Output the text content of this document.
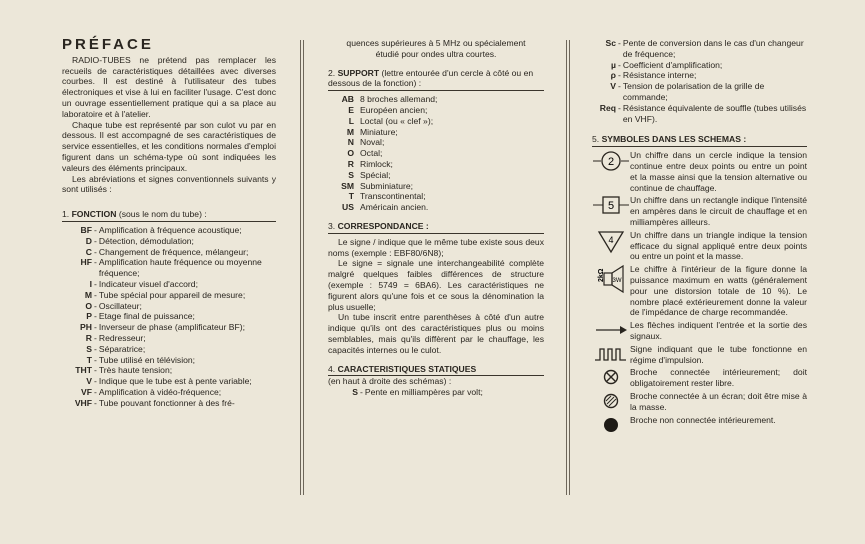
PRÉFACE

RADIO-TUBES ne prétend pas remplacer les recueils de caractéristiques détaillées avec diverses courbes. Il est destiné à l'utilisateur des tubes électroniques et vise à lui en faciliter l'usage. C'est donc un ouvrage essentiellement pratique qui a sa place au laboratoire et à l'atelier.

Chaque tube est représenté par son culot vu par en dessous. Il est accompagné de ses caractéristiques de service essentielles, et les conditions normales d'emploi figurent dans un schéma-type où sont indiquées les valeurs des éléments principaux.

Les abréviations et signes conventionnels suivants y sont utilisés :

1. FONCTION (sous le nom du tube) :
BF - Amplification à fréquence acoustique;
D - Détection, démodulation;
C - Changement de fréquence, mélangeur;
HF - Amplification haute fréquence ou moyenne fréquence;
I - Indicateur visuel d'accord;
M - Tube spécial pour appareil de mesure;
O - Oscillateur;
P - Etage final de puissance;
PH - Inverseur de phase (amplificateur BF);
R - Redresseur;
S - Séparatrice;
T - Tube utilisé en télévision;
THT - Très haute tension;
V - Indique que le tube est à pente variable;
VF - Amplification à vidéo-fréquence;
VHF - Tube pouvant fonctionner à des fré-

quences supérieures à 5 MHz ou spécialement étudié pour ondes ultra courtes.

2. SUPPORT (lettre entourée d'un cercle à côté ou en dessous de la fonction) :
AB 8 broches allemand;
E Européen ancien;
L Loctal (ou « clef »);
M Miniature;
N Noval;
O Octal;
R Rimlock;
S Spécial;
SM Subminiature;
T Transcontinental;
US Américain ancien.
3. CORRESPONDANCE :

Le signe / indique que le même tube existe sous deux noms (exemple : EBF80/6N8);

Le signe = signale une interchangeabilité complète malgré quelques faibles différences de structure (exemple : 5749 = 6BA6). Les caractéristiques ne figurent alors qu'une fois et ce sous la dénomination la plus usuelle;

Un tube inscrit entre parenthèses à côté d'un autre indique qu'ils ont des caractéristiques plus ou moins semblables, mais qu'ils diffèrent par le chauffage, les capacités internes ou le culot.

4. CARACTERISTIQUES STATIQUES
(en haut à droite des schémas) :
S - Pente en milliampères par volt;
Sc - Pente de conversion dans le cas d'un changeur de fréquence;
µ - Coefficient d'amplification;
ρ - Résistance interne;
V - Tension de polarisation de la grille de commande;
Req - Résistance équivalente de souffle (tubes utilisés en VHF).
5. SYMBOLES DANS LES SCHEMAS :
2
Un chiffre dans un cercle indique la tension continue entre deux points ou entre un point et la masse ainsi que la tension alternative ou continue de chauffage.
5 Un chiffre dans un rectangle indique l'intensité en ampères dans le circuit de chauffage et en milliampères ailleurs.
4 Un chiffre dans un triangle indique la tension efficace du signal appliqué entre deux points ou entre un point et la masse.
2kΩ 3W
Le chiffre à l'intérieur de la figure donne la puissance maximum en watts (généralement pour une distorsion totale de 10 %). Le nombre placé extérieurement donne la valeur de l'impédance de charge recommandée.
Les flèches indiquent l'entrée et la sortie des signaux.
Signe indiquant que le tube fonctionne en régime d'impulsion.
Broche connectée intérieurement; doit obligatoirement rester libre.
Broche connectée à un écran; doit être mise à la masse.
Broche non connectée intérieurement.
